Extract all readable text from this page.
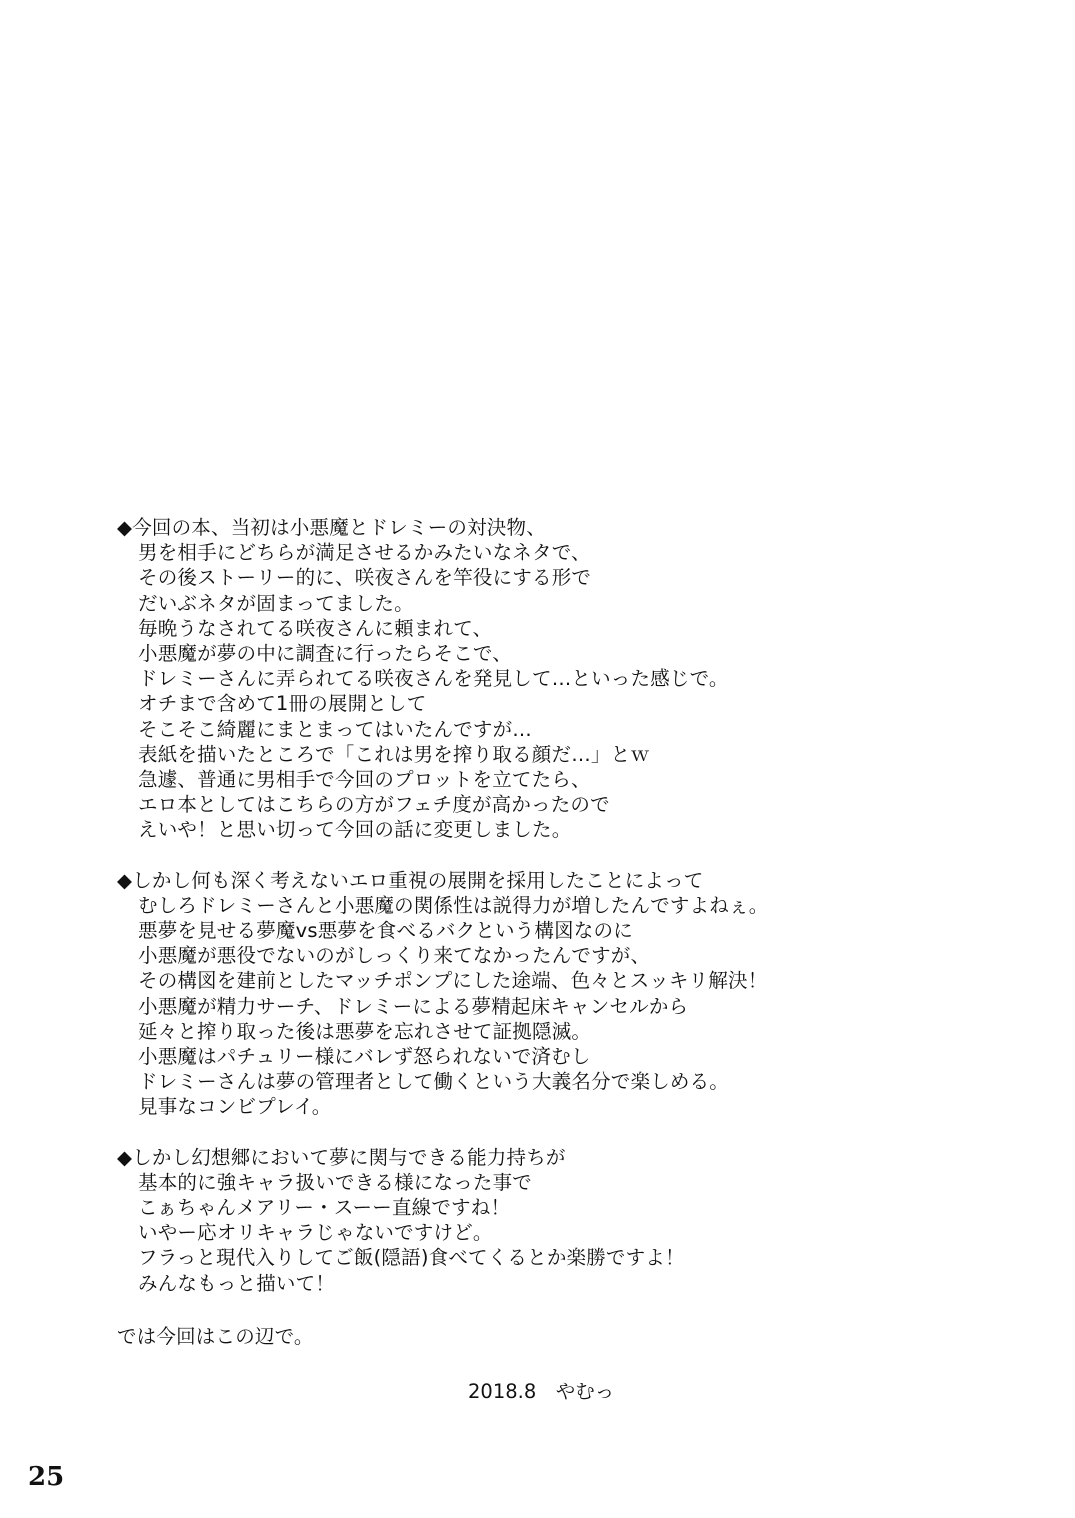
◆今回の本、当初は小悪魔とドレミーの対決物、
男を相手にどちらが満足させるかみたいなネタで、
その後ストーリー的に、咲夜さんを竿役にする形で
だいぶネタが固まってました。
毎晩うなされてる咲夜さんに頼まれて、
小悪魔が夢の中に調査に行ったらそこで、
ドレミーさんに弄られてる咲夜さんを発見して…といった感じで。
オチまで含めて1冊の展開として
そこそこ綺麗にまとまってはいたんですが…
表紙を描いたところで「これは男を搾り取る顔だ…」とｗ
急遽、普通に男相手で今回のプロットを立てたら、
エロ本としてはこちらの方がフェチ度が高かったので
えいや！と思い切って今回の話に変更しました。
◆しかし何も深く考えないエロ重視の展開を採用したことによって
むしろドレミーさんと小悪魔の関係性は説得力が増したんですよねぇ。
悪夢を見せる夢魔vs悪夢を食べるバクという構図なのに
小悪魔が悪役でないのがしっくり来てなかったんですが、
その構図を建前としたマッチポンプにした途端、色々とスッキリ解決！
小悪魔が精力サーチ、ドレミーによる夢精起床キャンセルから
延々と搾り取った後は悪夢を忘れさせて証拠隠滅。
小悪魔はパチュリー様にバレず怒られないで済むし
ドレミーさんは夢の管理者として働くという大義名分で楽しめる。
見事なコンビプレイ。
◆しかし幻想郷において夢に関与できる能力持ちが
基本的に強キャラ扱いできる様になった事で
こぁちゃんメアリー・スーー直線ですね！
いやー応オリキャラじゃないですけど。
フラっと現代入りしてご飯(隠語)食べてくるとか楽勝ですよ！
みんなもっと描いて！
では今回はこの辺で。
2018.8　やむっ
25
